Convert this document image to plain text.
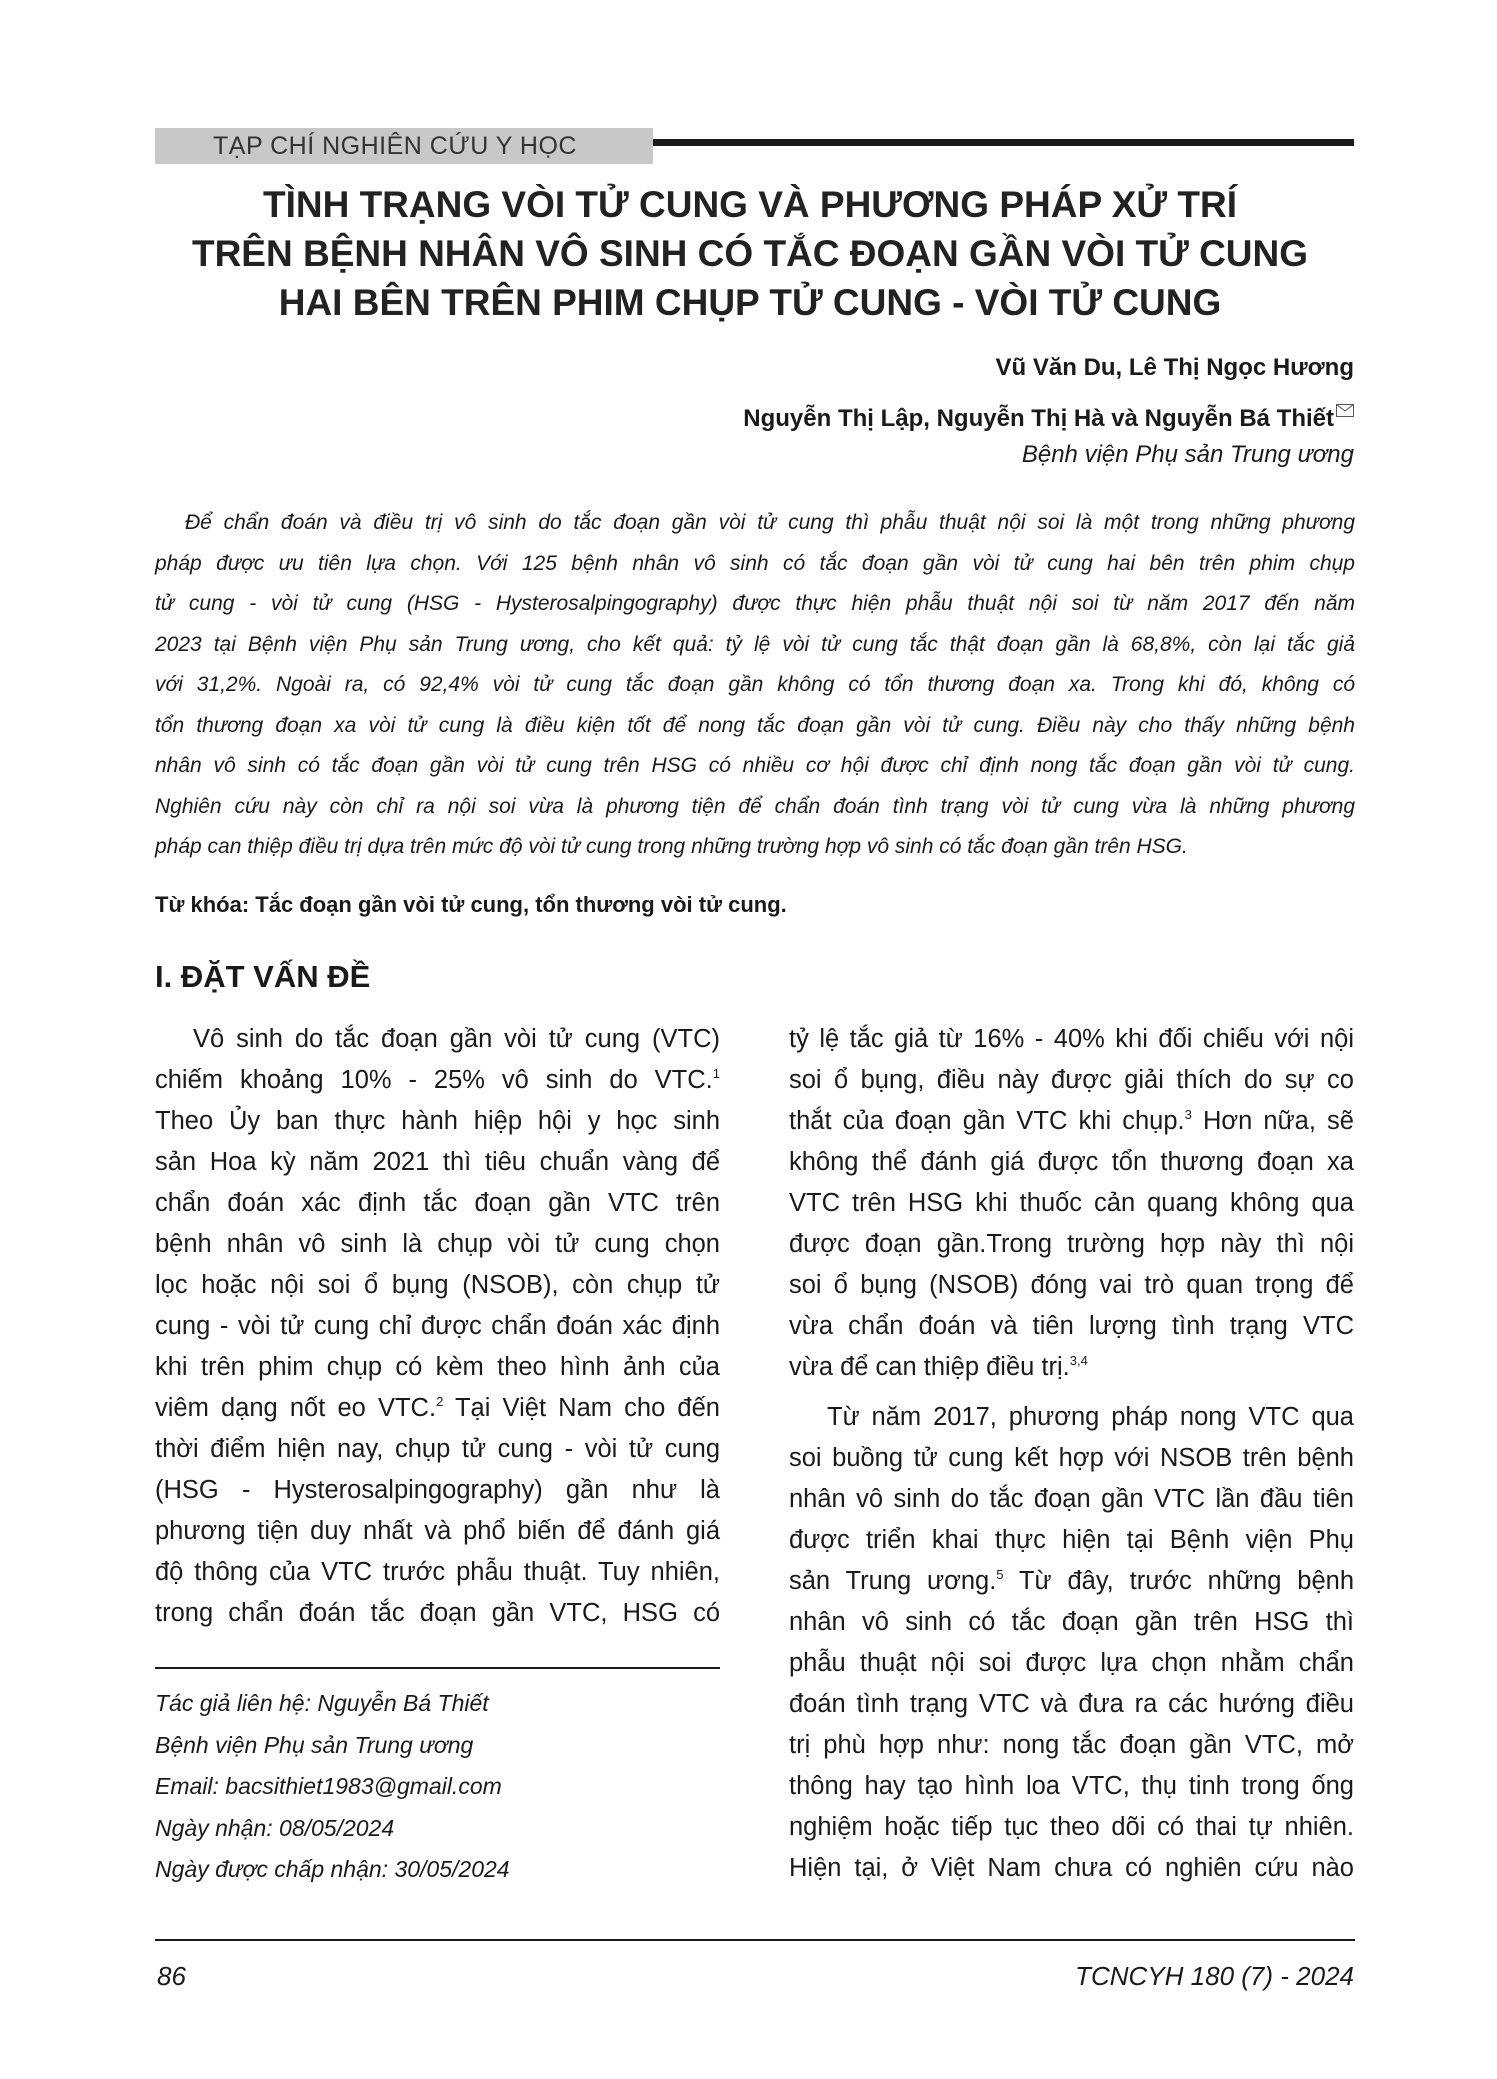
TẠP CHÍ NGHIÊN CỨU Y HỌC
TÌNH TRẠNG VÒI TỬ CUNG VÀ PHƯƠNG PHÁP XỬ TRÍ
TRÊN BỆNH NHÂN VÔ SINH CÓ TẮC ĐOẠN GẦN VÒI TỬ CUNG
HAI BÊN TRÊN PHIM CHỤP TỬ CUNG - VÒI TỬ CUNG
Vũ Văn Du, Lê Thị Ngọc Hương
Nguyễn Thị Lập, Nguyễn Thị Hà và Nguyễn Bá Thiết
Bệnh viện Phụ sản Trung ương
Để chẩn đoán và điều trị vô sinh do tắc đoạn gần vòi tử cung thì phẫu thuật nội soi là một trong những phương
pháp được ưu tiên lựa chọn. Với 125 bệnh nhân vô sinh có tắc đoạn gần vòi tử cung hai bên trên phim chụp
tử cung - vòi tử cung (HSG - Hysterosalpingography) được thực hiện phẫu thuật nội soi từ năm 2017 đến năm
2023 tại Bệnh viện Phụ sản Trung ương, cho kết quả: tỷ lệ vòi tử cung tắc thật đoạn gần là 68,8%, còn lại tắc giả
với 31,2%. Ngoài ra, có 92,4% vòi tử cung tắc đoạn gần không có tổn thương đoạn xa. Trong khi đó, không có
tổn thương đoạn xa vòi tử cung là điều kiện tốt để nong tắc đoạn gần vòi tử cung. Điều này cho thấy những bệnh
nhân vô sinh có tắc đoạn gần vòi tử cung trên HSG có nhiều cơ hội được chỉ định nong tắc đoạn gần vòi tử cung.
Nghiên cứu này còn chỉ ra nội soi vừa là phương tiện để chẩn đoán tình trạng vòi tử cung vừa là những phương
pháp can thiệp điều trị dựa trên mức độ vòi tử cung trong những trường hợp vô sinh có tắc đoạn gần trên HSG.
Từ khóa: Tắc đoạn gần vòi tử cung, tổn thương vòi tử cung.
I. ĐẶT VẤN ĐỀ
Vô sinh do tắc đoạn gần vòi tử cung (VTC)
chiếm khoảng 10% - 25% vô sinh do VTC.$^1$
Theo Ủy ban thực hành hiệp hội y học sinh
sản Hoa kỳ năm 2021 thì tiêu chuẩn vàng để
chẩn đoán xác định tắc đoạn gần VTC trên
bệnh nhân vô sinh là chụp vòi tử cung chọn
lọc hoặc nội soi ổ bụng (NSOB), còn chụp tử
cung - vòi tử cung chỉ được chẩn đoán xác định
khi trên phim chụp có kèm theo hình ảnh của
viêm dạng nốt eo VTC.$^2$ Tại Việt Nam cho đến
thời điểm hiện nay, chụp tử cung - vòi tử cung
(HSG - Hysterosalpingography) gần như là
phương tiện duy nhất và phổ biến để đánh giá
độ thông của VTC trước phẫu thuật. Tuy nhiên,
trong chẩn đoán tắc đoạn gần VTC, HSG có
tỷ lệ tắc giả từ 16% - 40% khi đối chiếu với nội
soi ổ bụng, điều này được giải thích do sự co
thắt của đoạn gần VTC khi chụp.$^3$ Hơn nữa, sẽ
không thể đánh giá được tổn thương đoạn xa
VTC trên HSG khi thuốc cản quang không qua
được đoạn gần.Trong trường hợp này thì nội
soi ổ bụng (NSOB) đóng vai trò quan trọng để
vừa chẩn đoán và tiên lượng tình trạng VTC
vừa để can thiệp điều trị.$^{3,4}$
Từ năm 2017, phương pháp nong VTC qua
soi buồng tử cung kết hợp với NSOB trên bệnh
nhân vô sinh do tắc đoạn gần VTC lần đầu tiên
được triển khai thực hiện tại Bệnh viện Phụ
sản Trung ương.$^5$ Từ đây, trước những bệnh
nhân vô sinh có tắc đoạn gần trên HSG thì
phẫu thuật nội soi được lựa chọn nhằm chẩn
đoán tình trạng VTC và đưa ra các hướng điều
trị phù hợp như: nong tắc đoạn gần VTC, mở
thông hay tạo hình loa VTC, thụ tinh trong ống
nghiệm hoặc tiếp tục theo dõi có thai tự nhiên.
Hiện tại, ở Việt Nam chưa có nghiên cứu nào
Tác giả liên hệ: Nguyễn Bá Thiết
Bệnh viện Phụ sản Trung ương
Email: bacsithiet1983@gmail.com
Ngày nhận: 08/05/2024
Ngày được chấp nhận: 30/05/2024
86	TCNCYH 180 (7) - 2024
